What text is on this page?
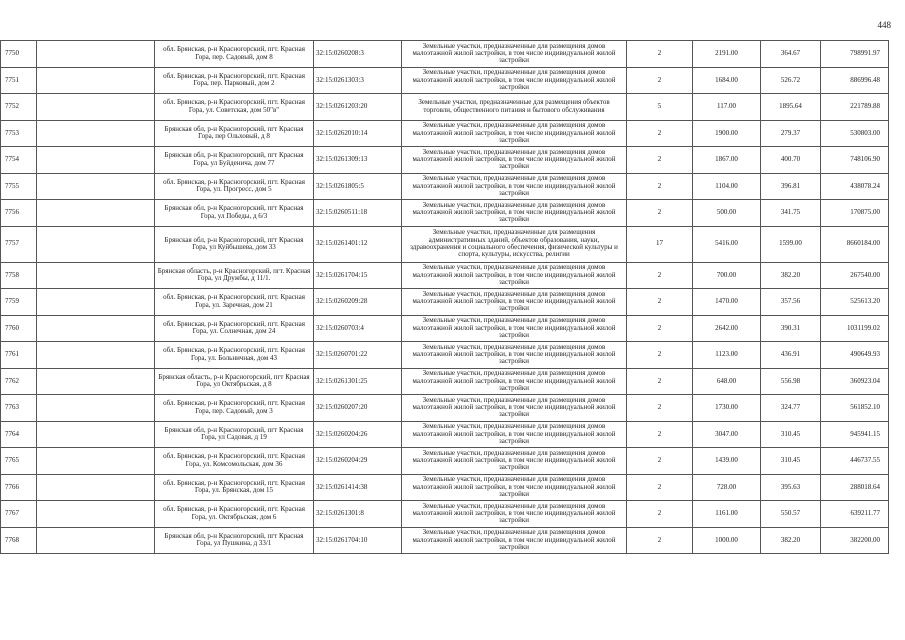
448
7750		обл. Брянская, р-н Красногорский, пгт. Красная Гора, пер. Садовый, дом 8	32:15:0260208:3	Земельные участки, предназначенные для размещения домов малоэтажной жилой застройки, в том числе индивидуальной жилой застройки	2	2191.00	364.67	798991.97
7751		обл. Брянская, р-н Красногорский, пгт. Красная Гора, пер. Парковый, дом 2	32:15:0261303:3	Земельные участки, предназначенные для размещения домов малоэтажной жилой застройки, в том числе индивидуальной жилой застройки	2	1684.00	526.72	886996.48
7752		обл. Брянская, р-н Красногорский, пгт. Красная Гора, ул. Советская, дом 50"в"	32:15:0261203:20	Земельные участки, предназначенные для размещения объектов торговли, общественного питания и бытового обслуживания	5	117.00	1895.64	221789.88
7753		Брянская обл, р-н Красногорский, пгт Красная Гора, пер Ольховый, д 8	32:15:0262010:14	Земельные участки, предназначенные для размещения домов малоэтажной жилой застройки, в том числе индивидуальной жилой застройки	2	1900.00	279.37	530803.00
7754		Брянская обл, р-н Красногорский, пгт Красная Гора, ул Буйденича, дом 77	32:15:0261309:13	Земельные участки, предназначенные для размещения домов малоэтажной жилой застройки, в том числе индивидуальной жилой застройки	2	1867.00	400.70	748106.90
7755		обл. Брянская, р-н Красногорский, пгт. Красная Гора, ул. Прогресс, дом 5	32:15:0261805:5	Земельные участки, предназначенные для размещения домов малоэтажной жилой застройки, в том числе индивидуальной жилой застройки	2	1104.00	396.81	438078.24
7756		Брянская обл, р-н Красногорский, пгт Красная Гора, ул Победы, д 6/3	32:15:0260511:18	Земельные участки, предназначенные для размещения домов малоэтажной жилой застройки, в том числе индивидуальной жилой застройки	2	500.00	341.75	170875.00
7757		Брянская обл, р-н Красногорский, пгт Красная Гора, ул Куйбышева, дом 33	32:15:0261401:12	Земельные участки, предназначенные для размещения административных зданий, объектов образования, науки, здравоохранения и социального обеспечения, физической культуры и спорта, культуры, искусства, религии	17	5416.00	1599.00	8660184.00
7758		Брянская область, р-н Красногорский, пгт. Красная Гора, ул Дружбы, д 11/1.	32:15:0261704:15	Земельные участки, предназначенные для размещения домов малоэтажной жилой застройки, в том числе индивидуальной жилой застройки	2	700.00	382.20	267540.00
7759		обл. Брянская, р-н Красногорский, пгт. Красная Гора, ул. Заречная, дом 21	32:15:0260209:28	Земельные участки, предназначенные для размещения домов малоэтажной жилой застройки, в том числе индивидуальной жилой застройки	2	1470.00	357.56	525613.20
7760		обл. Брянская, р-н Красногорский, пгт. Красная Гора, ул. Солнечная, дом 24	32:15:0260703:4	Земельные участки, предназначенные для размещения домов малоэтажной жилой застройки, в том числе индивидуальной жилой застройки	2	2642.00	390.31	1031199.02
7761		обл. Брянская, р-н Красногорский, пгт. Красная Гора, ул. Больничная, дом 43	32:15:0260701:22	Земельные участки, предназначенные для размещения домов малоэтажной жилой застройки, в том числе индивидуальной жилой застройки	2	1123.00	436.91	490649.93
7762		Брянская область, р-н Красногорский, пгт Красная Гора, ул Октябрьская, д 8	32:15:0261301:25	Земельные участки, предназначенные для размещения домов малоэтажной жилой застройки, в том числе индивидуальной жилой застройки	2	648.00	556.98	360923.04
7763		обл. Брянская, р-н Красногорский, пгт. Красная Гора, пер. Садовый, дом 3	32:15:0260207:20	Земельные участки, предназначенные для размещения домов малоэтажной жилой застройки, в том числе индивидуальной жилой застройки	2	1730.00	324.77	561852.10
7764		Брянская обл, р-н Красногорский, пгт Красная Гора, ул Садовая, д 19	32:15:0260204:26	Земельные участки, предназначенные для размещения домов малоэтажной жилой застройки, в том числе индивидуальной жилой застройки	2	3047.00	310.45	945941.15
7765		обл. Брянская, р-н Красногорский, пгт. Красная Гора, ул. Комсомольская, дом 36	32:15:0260204:29	Земельные участки, предназначенные для размещения домов малоэтажной жилой застройки, в том числе индивидуальной жилой застройки	2	1439.00	310.45	446737.55
7766		обл. Брянская, р-н Красногорский, пгт. Красная Гора, ул. Брянская, дом 15	32:15:0261414:38	Земельные участки, предназначенные для размещения домов малоэтажной жилой застройки, в том числе индивидуальной жилой застройки	2	728.00	395.63	288018.64
7767		обл. Брянская, р-н Красногорский, пгт. Красная Гора, ул. Октябрьская, дом 6	32:15:0261301:8	Земельные участки, предназначенные для размещения домов малоэтажной жилой застройки, в том числе индивидуальной жилой застройки	2	1161.00	550.57	639211.77
7768		Брянская обл, р-н Красногорский, пгт Красная Гора, ул Пушкина, д 33/1	32:15:0261704:10	Земельные участки, предназначенные для размещения домов малоэтажной жилой застройки, в том числе индивидуальной жилой застройки	2	1000.00	382.20	382200.00
